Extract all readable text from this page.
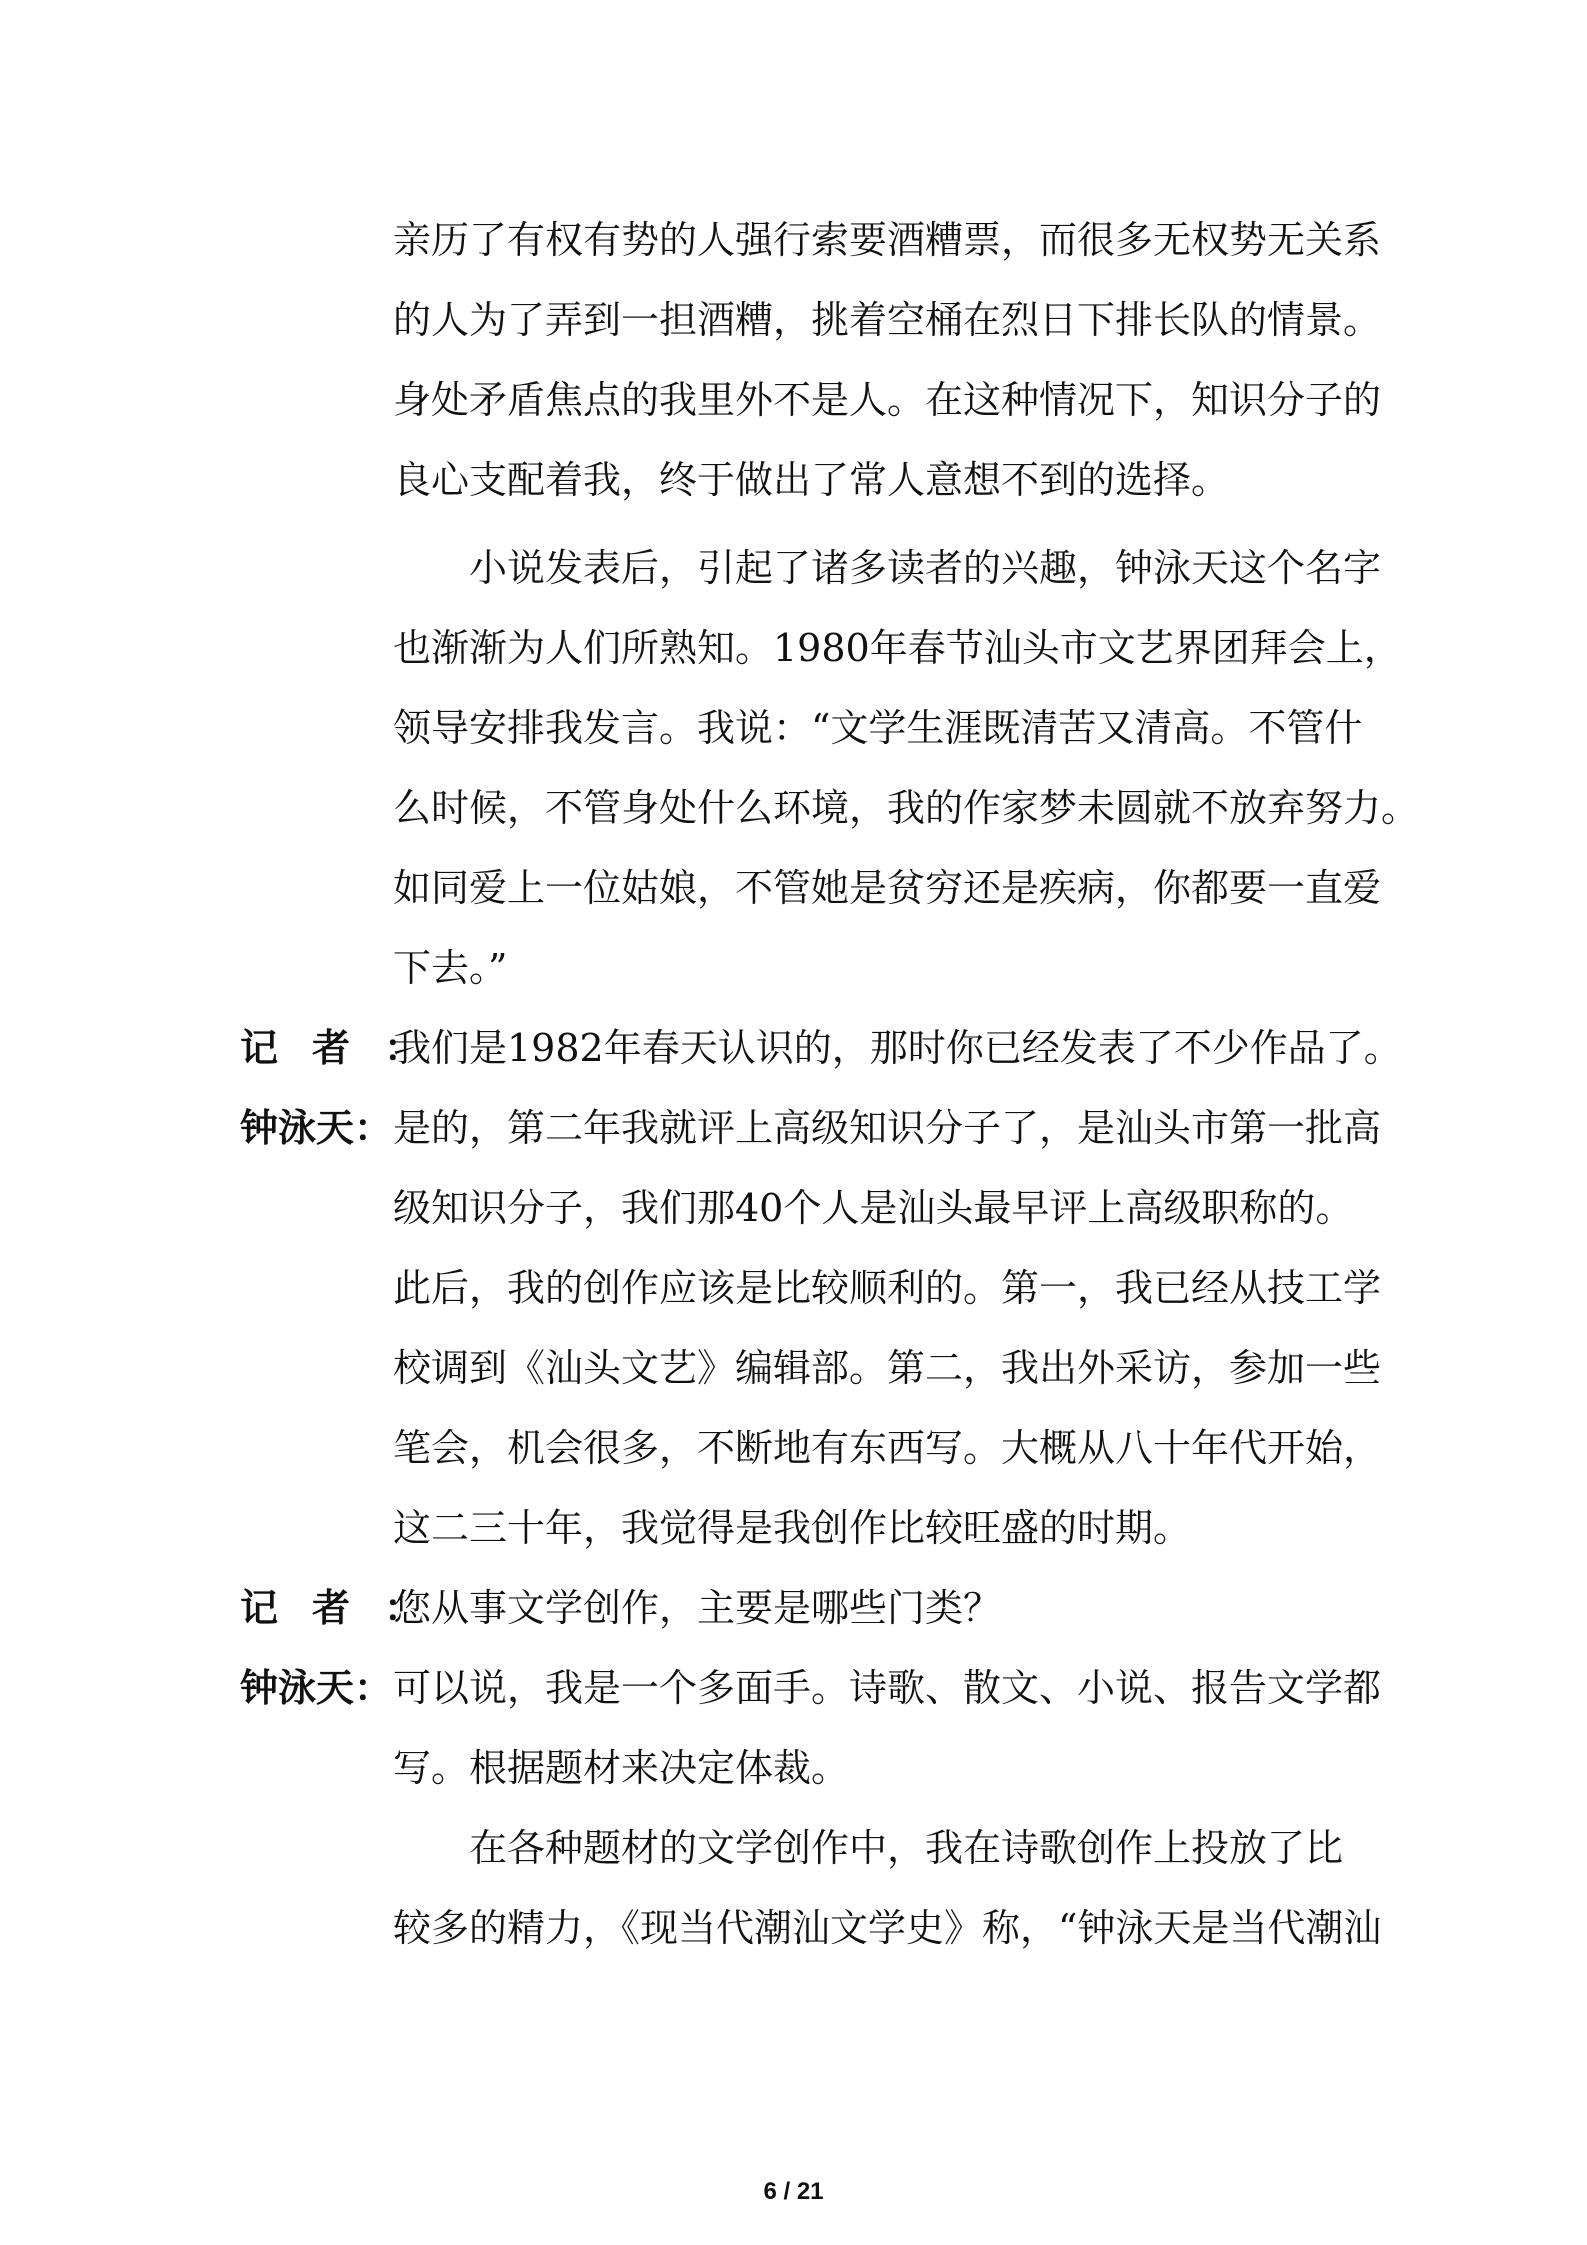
亲历了有权有势的人强行索要酒糟票，而很多无权势无关系
的人为了弄到一担酒糟，挑着空桶在烈日下排长队的情景。
身处矛盾焦点的我里外不是人。在这种情况下，知识分子的
良心支配着我，终于做出了常人意想不到的选择。
　　小说发表后，引起了诸多读者的兴趣，钟泳天这个名字
也渐渐为人们所熟知。1980年春节汕头市文艺界团拜会上，
领导安排我发言。我说：“文学生涯既清苦又清高。不管什
么时候，不管身处什么环境，我的作家梦未圆就不放弃努力。
如同爱上一位姑娘，不管她是贫穷还是疾病，你都要一直爱
下去。”
记者：
我们是1982年春天认识的，那时你已经发表了不少作品了。
钟泳天： 是的，第二年我就评上高级知识分子了，是汕头市第一批高
级知识分子，我们那40个人是汕头最早评上高级职称的。
此后，我的创作应该是比较顺利的。第一，我已经从技工学
校调到《汕头文艺》编辑部。第二，我出外采访，参加一些
笔会，机会很多，不断地有东西写。大概从八十年代开始，
这二三十年，我觉得是我创作比较旺盛的时期。
记者：
您从事文学创作，主要是哪些门类？
钟泳天： 可以说，我是一个多面手。诗歌、散文、小说、报告文学都
写。根据题材来决定体裁。
　　在各种题材的文学创作中，我在诗歌创作上投放了比
较多的精力，《现当代潮汕文学史》称，“钟泳天是当代潮汕
6 / 21
